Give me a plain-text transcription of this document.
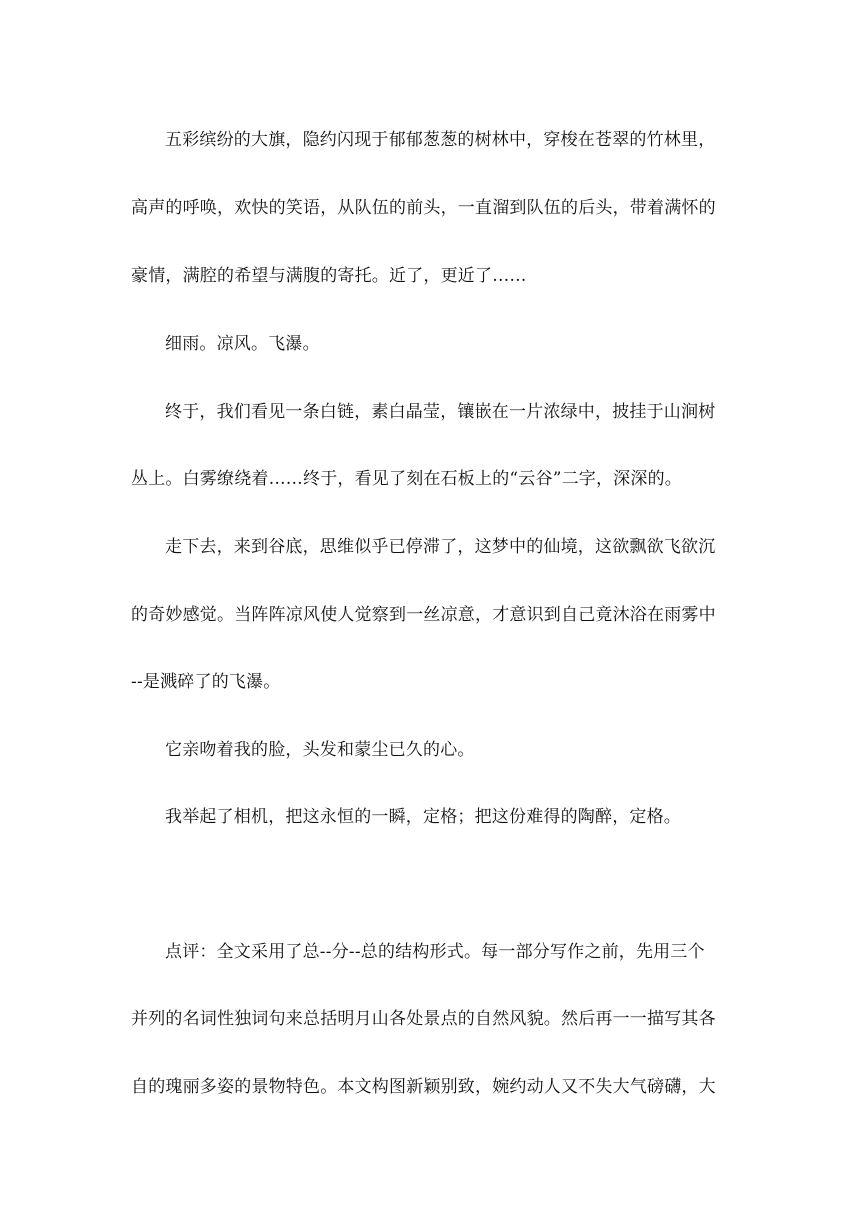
五彩缤纷的大旗，隐约闪现于郁郁葱葱的树林中，穿梭在苍翠的竹林里，
高声的呼唤，欢快的笑语，从队伍的前头，一直溜到队伍的后头，带着满怀的
豪情，满腔的希望与满腹的寄托。近了，更近了……
细雨。凉风。飞瀑。
终于，我们看见一条白链，素白晶莹，镶嵌在一片浓绿中，披挂于山涧树
丛上。白雾缭绕着……终于，看见了刻在石板上的“云谷”二字，深深的。
走下去，来到谷底，思维似乎已停滞了，这梦中的仙境，这欲飘欲飞欲沉
的奇妙感觉。当阵阵凉风使人觉察到一丝凉意，才意识到自己竟沐浴在雨雾中
--是溅碎了的飞瀑。
它亲吻着我的脸，头发和蒙尘已久的心。
我举起了相机，把这永恒的一瞬，定格；把这份难得的陶醉，定格。
点评：全文采用了总--分--总的结构形式。每一部分写作之前，先用三个
并列的名词性独词句来总括明月山各处景点的自然风貌。然后再一一描写其各
自的瑰丽多姿的景物特色。本文构图新颖别致，婉约动人又不失大气磅礴，大
